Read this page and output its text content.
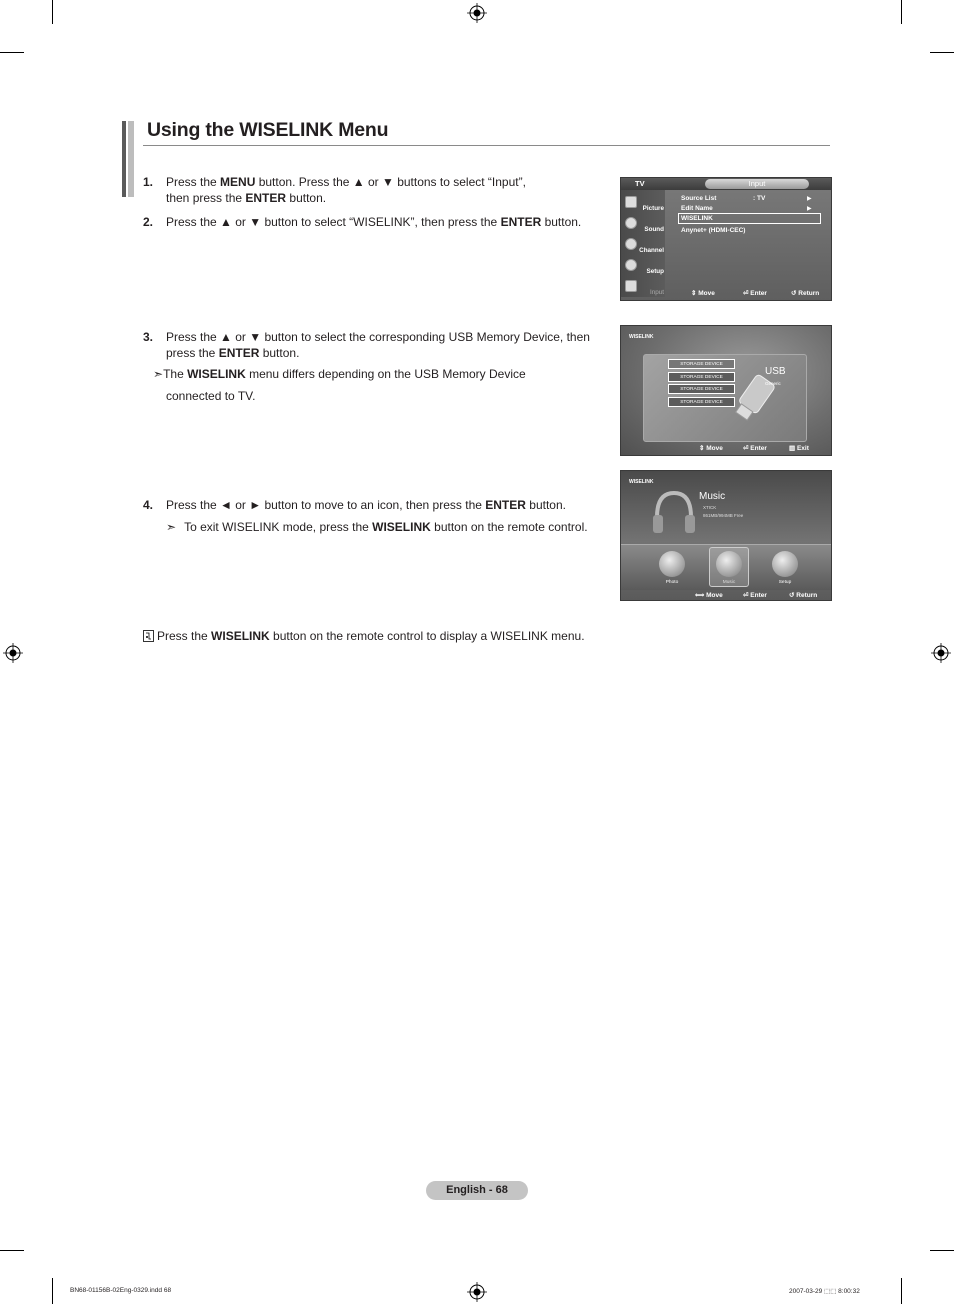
Using the WISELINK Menu
1. Press the MENU button. Press the ▲ or ▼ buttons to select “Input”,
then press the ENTER button.
2. Press the ▲ or ▼ button to select “WISELINK”, then press the ENTER button.
3. Press the ▲ or ▼ button to select the corresponding USB Memory Device, then
press the ENTER button.
➣The WISELINK menu differs depending on the USB Memory Device
connected to TV.
4. Press the ◄ or ► button to move to an icon, then press the ENTER button.
➣ To exit WISELINK mode, press the WISELINK button on the remote control.
Press the WISELINK button on the remote control to display a WISELINK menu.
TV	Input
Picture
Sound
Channel
Setup
Input
Source List	: TV	▶
Edit Name	▶
WISELINK
Anynet+ (HDMI-CEC)
⇕ Move	⏎ Enter	↺ Return
WISELINK
STORAGE DEVICE
STORAGE DEVICE
STORAGE DEVICE
STORAGE DEVICE
USB
Generic
⇕ Move	⏎ Enter	▥ Exit
WISELINK
Music
XTICK
861MB/994MB Free
Photo	Music	Setup
⟺ Move	⏎ Enter	↺ Return
English - 68
BN68-01156B-02Eng-0329.indd 68	2007-03-29 ⬚⬚ 8:00:32
